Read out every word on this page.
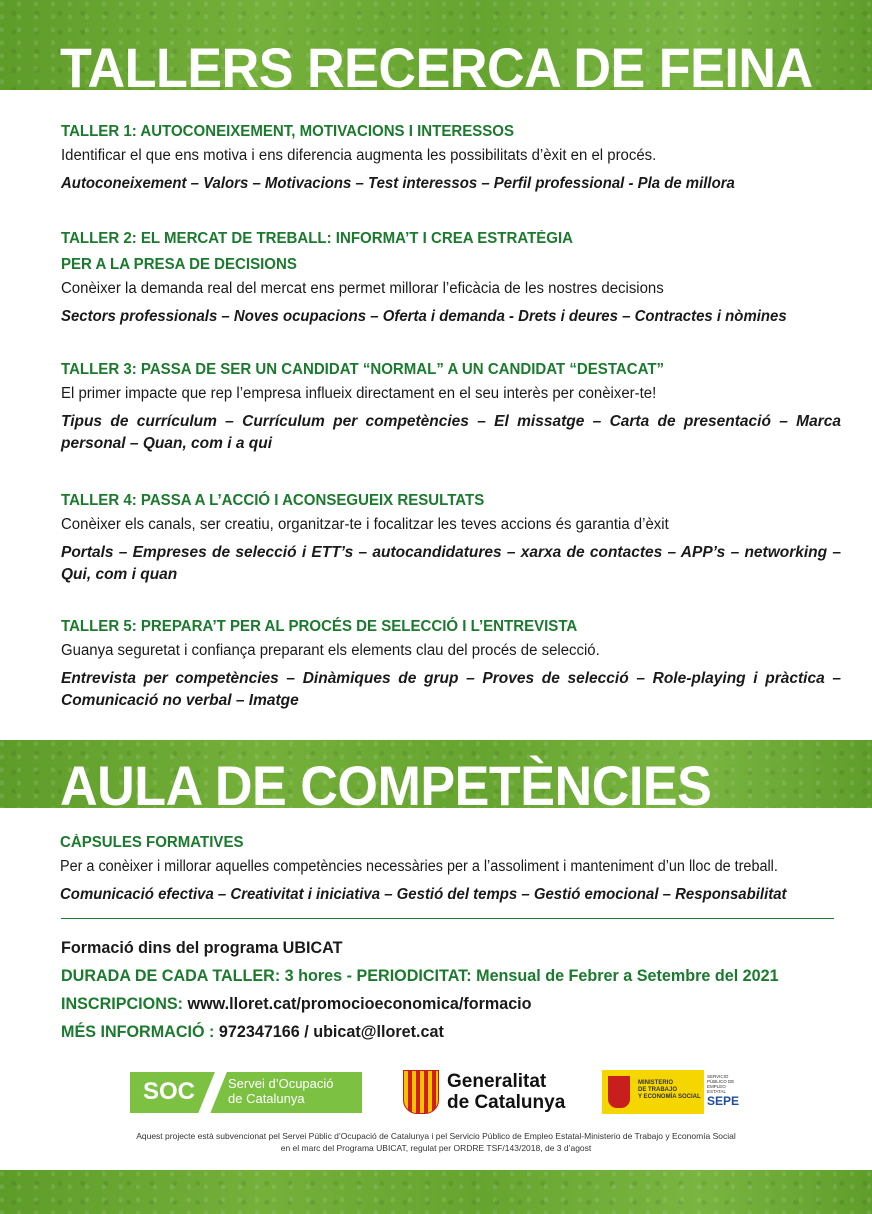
TALLERS RECERCA DE FEINA
TALLER 1: AUTOCONEIXEMENT, MOTIVACIONS I INTERESSOS
Identificar el que ens motiva i ens diferencia augmenta les possibilitats d’èxit en el procés.
Autoconeixement – Valors – Motivacions – Test interessos – Perfil professional - Pla de millora
TALLER 2: EL MERCAT DE TREBALL: INFORMA’T I CREA ESTRATÈGIA
PER A LA PRESA DE DECISIONS
Conèixer la demanda real del mercat ens permet millorar l’eficàcia de les nostres decisions
Sectors professionals – Noves ocupacions – Oferta i demanda - Drets i deures – Contractes i nòmines
TALLER 3: PASSA DE SER UN CANDIDAT “NORMAL” A UN CANDIDAT “DESTACAT”
El primer impacte que rep l’empresa influeix directament en el seu interès per conèixer-te!
Tipus de currículum – Currículum per competències – El missatge – Carta de presentació – Marca personal – Quan, com i a qui
TALLER 4: PASSA A L’ACCIÓ I ACONSEGUEIX RESULTATS
Conèixer els canals, ser creatiu, organitzar-te i focalitzar les teves accions és garantia d’èxit
Portals – Empreses de selecció i ETT’s – autocandidatures – xarxa de contactes – APP’s – networking – Qui, com i quan
TALLER 5: PREPARA’T PER AL PROCÉS DE SELECCIÓ I L’ENTREVISTA
Guanya seguretat i confiança preparant els elements clau del procés de selecció.
Entrevista per competències – Dinàmiques de grup – Proves de selecció – Role-playing i pràctica – Comunicació no verbal – Imatge
AULA DE COMPETÈNCIES
CÀPSULES FORMATIVES
Per a conèixer i millorar aquelles competències necessàries per a l’assoliment i manteniment d’un lloc de treball.
Comunicació efectiva – Creativitat i iniciativa – Gestió del temps – Gestió emocional – Responsabilitat
Formació dins del programa UBICAT
DURADA DE CADA TALLER: 3 hores - PERIODICITAT: Mensual de Febrer a Setembre del 2021
INSCRIPCIONS: www.lloret.cat/promocioeconomica/formacio
MÉS INFORMACIÓ : 972347166 / ubicat@lloret.cat
SOC	Servei d’Ocupació
de Catalunya
Generalitat
de Catalunya
MINISTERIO
DE TRABAJO
Y ECONOMÍA SOCIAL
SERVICIO PÚBLICO DE EMPLEO ESTATAL
SEPE
Aquest projecte està subvencionat pel Servei Públic d’Ocupació de Catalunya i pel Servicio Público de Empleo Estatal-Ministerio de Trabajo y Economía Social
en el marc del Programa UBICAT, regulat per ORDRE TSF/143/2018, de 3 d’agost
